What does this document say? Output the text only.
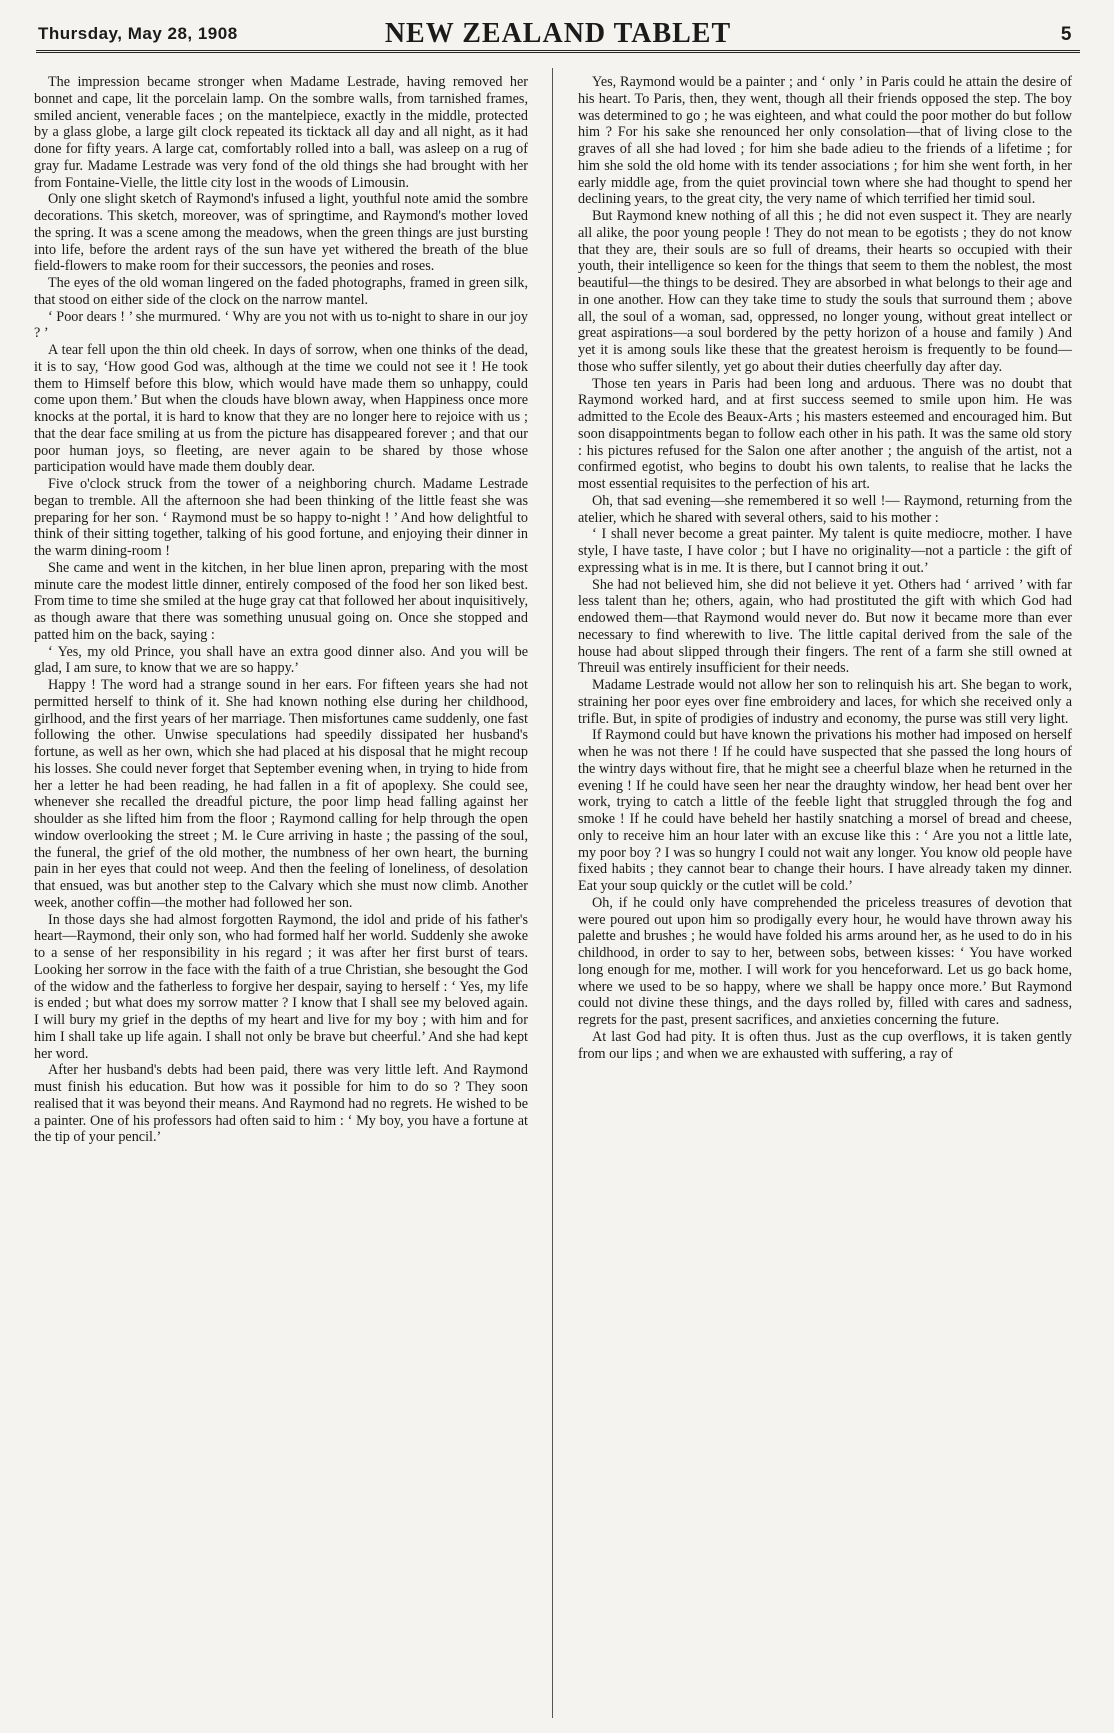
Thursday, May 28, 1908	NEW ZEALAND TABLET	5

The impression became stronger when Madame Lestrade, having removed her bonnet and cape, lit the porcelain lamp. On the sombre walls, from tarnished frames, smiled ancient, venerable faces ; on the mantelpiece, exactly in the middle, protected by a glass globe, a large gilt clock repeated its ticktack all day and all night, as it had done for fifty years. A large cat, comfortably rolled into a ball, was asleep on a rug of gray fur. Madame Lestrade was very fond of the old things she had brought with her from Fontaine-Vielle, the little city lost in the woods of Limousin.

Only one slight sketch of Raymond's infused a light, youthful note amid the sombre decorations. This sketch, moreover, was of springtime, and Raymond's mother loved the spring. It was a scene among the meadows, when the green things are just bursting into life, before the ardent rays of the sun have yet withered the breath of the blue field-flowers to make room for their successors, the peonies and roses.

The eyes of the old woman lingered on the faded photographs, framed in green silk, that stood on either side of the clock on the narrow mantel.

‘ Poor dears ! ’ she murmured. ‘ Why are you not with us to-night to share in our joy ? ’

A tear fell upon the thin old cheek. In days of sorrow, when one thinks of the dead, it is to say, ‘How good God was, although at the time we could not see it ! He took them to Himself before this blow, which would have made them so unhappy, could come upon them.’ But when the clouds have blown away, when Happiness once more knocks at the portal, it is hard to know that they are no longer here to rejoice with us ; that the dear face smiling at us from the picture has disappeared forever ; and that our poor human joys, so fleeting, are never again to be shared by those whose participation would have made them doubly dear.

Five o'clock struck from the tower of a neighboring church. Madame Lestrade began to tremble. All the afternoon she had been thinking of the little feast she was preparing for her son. ‘ Raymond must be so happy to-night ! ’ And how delightful to think of their sitting together, talking of his good fortune, and enjoying their dinner in the warm dining-room !

She came and went in the kitchen, in her blue linen apron, preparing with the most minute care the modest little dinner, entirely composed of the food her son liked best. From time to time she smiled at the huge gray cat that followed her about inquisitively, as though aware that there was something unusual going on. Once she stopped and patted him on the back, saying :

‘ Yes, my old Prince, you shall have an extra good dinner also. And you will be glad, I am sure, to know that we are so happy.’

Happy ! The word had a strange sound in her ears. For fifteen years she had not permitted herself to think of it. She had known nothing else during her childhood, girlhood, and the first years of her marriage. Then misfortunes came suddenly, one fast following the other. Unwise speculations had speedily dissipated her husband's fortune, as well as her own, which she had placed at his disposal that he might recoup his losses. She could never forget that September evening when, in trying to hide from her a letter he had been reading, he had fallen in a fit of apoplexy. She could see, whenever she recalled the dreadful picture, the poor limp head falling against her shoulder as she lifted him from the floor ; Raymond calling for help through the open window overlooking the street ; M. le Cure arriving in haste ; the passing of the soul, the funeral, the grief of the old mother, the numbness of her own heart, the burning pain in her eyes that could not weep. And then the feeling of loneliness, of desolation that ensued, was but another step to the Calvary which she must now climb. Another week, another coffin—the mother had followed her son.

In those days she had almost forgotten Raymond, the idol and pride of his father's heart—Raymond, their only son, who had formed half her world. Suddenly she awoke to a sense of her responsibility in his regard ; it was after her first burst of tears. Looking her sorrow in the face with the faith of a true Christian, she besought the God of the widow and the fatherless to forgive her despair, saying to herself : ‘ Yes, my life is ended ; but what does my sorrow matter ? I know that I shall see my beloved again. I will bury my grief in the depths of my heart and live for my boy ; with him and for him I shall take up life again. I shall not only be brave but cheerful.’ And she had kept her word.

After her husband's debts had been paid, there was very little left. And Raymond must finish his education. But how was it possible for him to do so ? They soon realised that it was beyond their means. And Raymond had no regrets. He wished to be a painter. One of his professors had often said to him : ‘ My boy, you have a fortune at the tip of your pencil.’

Yes, Raymond would be a painter ; and ‘ only ’ in Paris could he attain the desire of his heart. To Paris, then, they went, though all their friends opposed the step. The boy was determined to go ; he was eighteen, and what could the poor mother do but follow him ? For his sake she renounced her only consolation—that of living close to the graves of all she had loved ; for him she bade adieu to the friends of a lifetime ; for him she sold the old home with its tender associations ; for him she went forth, in her early middle age, from the quiet provincial town where she had thought to spend her declining years, to the great city, the very name of which terrified her timid soul.

But Raymond knew nothing of all this ; he did not even suspect it. They are nearly all alike, the poor young people ! They do not mean to be egotists ; they do not know that they are, their souls are so full of dreams, their hearts so occupied with their youth, their intelligence so keen for the things that seem to them the noblest, the most beautiful—the things to be desired. They are absorbed in what belongs to their age and in one another. How can they take time to study the souls that surround them ; above all, the soul of a woman, sad, oppressed, no longer young, without great intellect or great aspirations—a soul bordered by the petty horizon of a house and family ) And yet it is among souls like these that the greatest heroism is frequently to be found—those who suffer silently, yet go about their duties cheerfully day after day.

Those ten years in Paris had been long and arduous. There was no doubt that Raymond worked hard, and at first success seemed to smile upon him. He was admitted to the Ecole des Beaux-Arts ; his masters esteemed and encouraged him. But soon disappointments began to follow each other in his path. It was the same old story : his pictures refused for the Salon one after another ; the anguish of the artist, not a confirmed egotist, who begins to doubt his own talents, to realise that he lacks the most essential requisites to the perfection of his art.

Oh, that sad evening—she remembered it so well !— Raymond, returning from the atelier, which he shared with several others, said to his mother :

‘ I shall never become a great painter. My talent is quite mediocre, mother. I have style, I have taste, I have color ; but I have no originality—not a particle : the gift of expressing what is in me. It is there, but I cannot bring it out.’

She had not believed him, she did not believe it yet. Others had ‘ arrived ’ with far less talent than he; others, again, who had prostituted the gift with which God had endowed them—that Raymond would never do. But now it became more than ever necessary to find wherewith to live. The little capital derived from the sale of the house had about slipped through their fingers. The rent of a farm she still owned at Threuil was entirely insufficient for their needs.

Madame Lestrade would not allow her son to relinquish his art. She began to work, straining her poor eyes over fine embroidery and laces, for which she received only a trifle. But, in spite of prodigies of industry and economy, the purse was still very light.

If Raymond could but have known the privations his mother had imposed on herself when he was not there ! If he could have suspected that she passed the long hours of the wintry days without fire, that he might see a cheerful blaze when he returned in the evening ! If he could have seen her near the draughty window, her head bent over her work, trying to catch a little of the feeble light that struggled through the fog and smoke ! If he could have beheld her hastily snatching a morsel of bread and cheese, only to receive him an hour later with an excuse like this : ‘ Are you not a little late, my poor boy ? I was so hungry I could not wait any longer. You know old people have fixed habits ; they cannot bear to change their hours. I have already taken my dinner. Eat your soup quickly or the cutlet will be cold.’

Oh, if he could only have comprehended the priceless treasures of devotion that were poured out upon him so prodigally every hour, he would have thrown away his palette and brushes ; he would have folded his arms around her, as he used to do in his childhood, in order to say to her, between sobs, between kisses: ‘ You have worked long enough for me, mother. I will work for you henceforward. Let us go back home, where we used to be so happy, where we shall be happy once more.’ But Raymond could not divine these things, and the days rolled by, filled with cares and sadness, regrets for the past, present sacrifices, and anxieties concerning the future.

At last God had pity. It is often thus. Just as the cup overflows, it is taken gently from our lips ; and when we are exhausted with suffering, a ray of
